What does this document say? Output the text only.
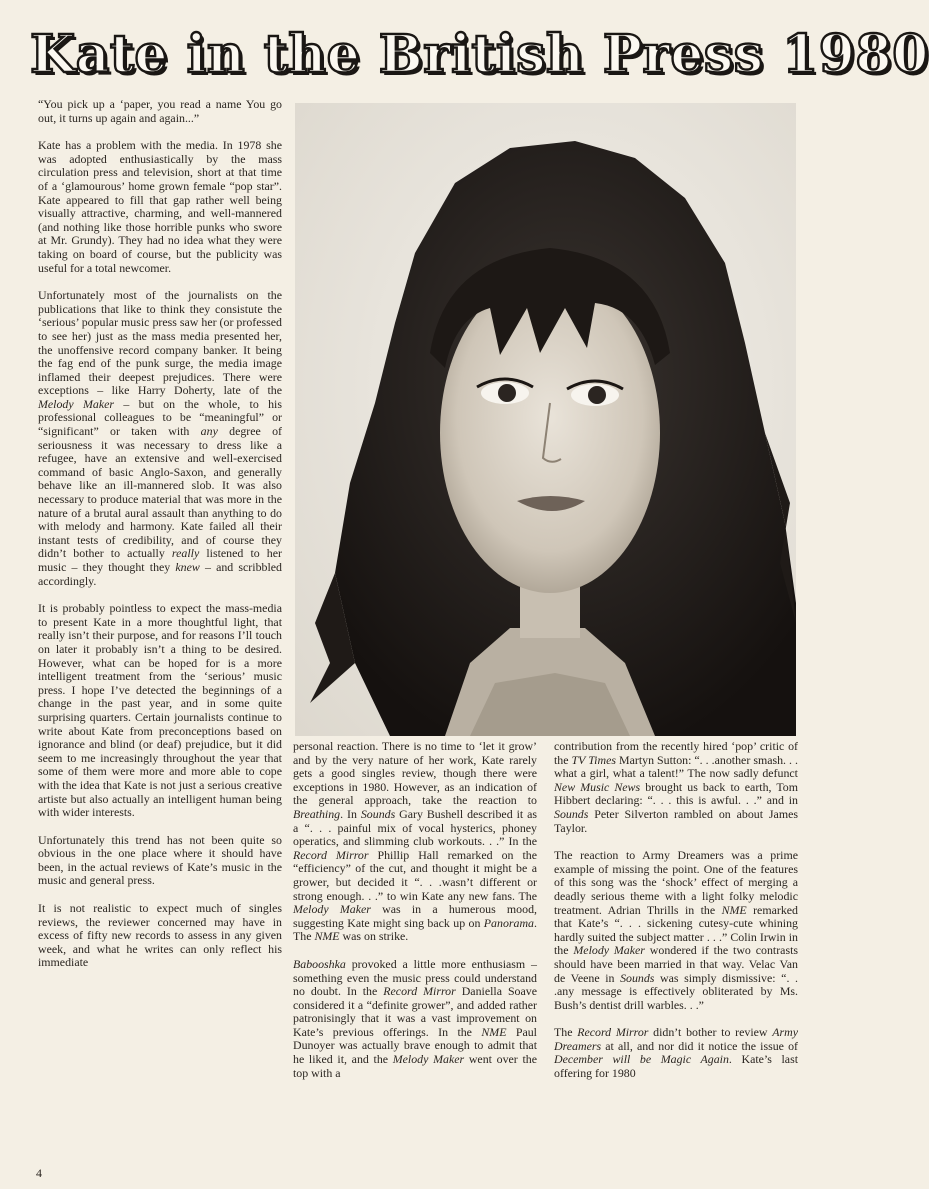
Kate in the British Press 1980

“You pick up a ‘paper, you read a name You go out, it turns up again and again...”

Kate has a problem with the media. In 1978 she was adopted enthusiastically by the mass circulation press and television, short at that time of a ‘glamourous’ home grown female “pop star”. Kate appeared to fill that gap rather well being visually attractive, charming, and well-mannered (and nothing like those horrible punks who swore at Mr. Grundy). They had no idea what they were taking on board of course, but the publicity was useful for a total newcomer.

Unfortunately most of the journalists on the publications that like to think they consistute the ‘serious’ popular music press saw her (or professed to see her) just as the mass media presented her, the unoffensive record company banker. It being the fag end of the punk surge, the media image inflamed their deepest prejudices. There were exceptions – like Harry Doherty, late of the Melody Maker – but on the whole, to his professional colleagues to be “meaningful” or “significant” or taken with any degree of seriousness it was necessary to dress like a refugee, have an extensive and well-exercised command of basic Anglo-Saxon, and generally behave like an ill-mannered slob. It was also necessary to produce material that was more in the nature of a brutal aural assault than anything to do with melody and harmony. Kate failed all their instant tests of credibility, and of course they didn’t bother to actually really listened to her music – they thought they knew – and scribbled accordingly.

It is probably pointless to expect the mass-media to present Kate in a more thoughtful light, that really isn’t their purpose, and for reasons I’ll touch on later it probably isn’t a thing to be desired. However, what can be hoped for is a more intelligent treatment from the ‘serious’ music press. I hope I’ve detected the beginnings of a change in the past year, and in some quite surprising quarters. Certain journalists continue to write about Kate from preconceptions based on ignorance and blind (or deaf) prejudice, but it did seem to me increasingly throughout the year that some of them were more and more able to cope with the idea that Kate is not just a serious creative artiste but also actually an intelligent human being with wider interests.

Unfortunately this trend has not been quite so obvious in the one place where it should have been, in the actual reviews of Kate’s music in the music and general press.

It is not realistic to expect much of singles reviews, the reviewer concerned may have in excess of fifty new records to assess in any given week, and what he writes can only reflect his immediate

personal reaction. There is no time to ‘let it grow’ and by the very nature of her work, Kate rarely gets a good singles review, though there were exceptions in 1980. However, as an indication of the general approach, take the reaction to Breathing. In Sounds Gary Bushell described it as a “. . . painful mix of vocal hysterics, phoney operatics, and slimming club workouts. . .” In the Record Mirror Phillip Hall remarked on the “efficiency” of the cut, and thought it might be a grower, but decided it “. . .wasn’t different or strong enough. . .” to win Kate any new fans. The Melody Maker was in a humerous mood, suggesting Kate might sing back up on Panorama. The NME was on strike.

Babooshka provoked a little more enthusiasm – something even the music press could understand no doubt. In the Record Mirror Daniella Soave considered it a “definite grower”, and added rather patronisingly that it was a vast improvement on Kate’s previous offerings. In the NME Paul Dunoyer was actually brave enough to admit that he liked it, and the Melody Maker went over the top with a

contribution from the recently hired ‘pop’ critic of the TV Times Martyn Sutton: “. . .another smash. . . what a girl, what a talent!” The now sadly defunct New Music News brought us back to earth, Tom Hibbert declaring: “. . . this is awful. . .” and in Sounds Peter Silverton rambled on about James Taylor.

The reaction to Army Dreamers was a prime example of missing the point. One of the features of this song was the ‘shock’ effect of merging a deadly serious theme with a light folky melodic treatment. Adrian Thrills in the NME remarked that Kate’s “. . . sickening cutesy-cute whining hardly suited the subject matter . . .” Colin Irwin in the Melody Maker wondered if the two contrasts should have been married in that way. Velac Van de Veene in Sounds was simply dismissive: “. . .any message is effectively obliterated by Ms. Bush’s dentist drill warbles. . .”

The Record Mirror didn’t bother to review Army Dreamers at all, and nor did it notice the issue of December will be Magic Again. Kate’s last offering for 1980

4
